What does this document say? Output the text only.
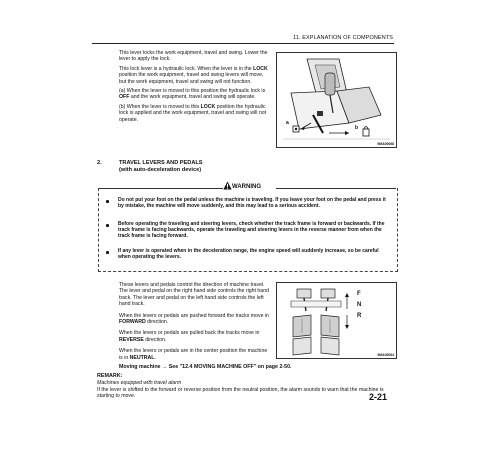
11. EXPLANATION OF COMPONENTS

This lever locks the work equipment, travel and swing. Lower the lever to apply the lock.

This lock lever is a hydraulic lock. When the lever is in the LOCK position the work equipment, travel and swing levers will move, but the work equipment, travel and swing will not function.

(a) When the lever is moved to this position the hydraulic lock is OFF and the work equipment, travel and swing will operate.

(b) When the lever is moved to this LOCK position the hydraulic lock is applied and the work equipment, travel and swing will not operate.

a
b
9MA00068
2.	TRAVEL LEVERS AND PEDALS
(with auto-deceleration device)
WARNING
Do not put your foot on the pedal unless the machine is traveling. If you leave your foot on the pedal and press it by mistake, the machine will move suddenly, and this may lead to a serious accident.
Before operating the traveling and steering levers, check whether the track frame is forward or backwards. If the track frame is facing backwards, operate the traveling and steering levers in the reverse manner from when the track frame is facing forward.
If any lever is operated when in the deceleration range, the engine speed will suddenly increase, so be careful when operating the levers.

These levers and pedals control the direction of machine travel. The lever and pedal on the right hand side controls the right hand track. The lever and pedal on the left hand side controls the left hand track.

When the levers or pedals are pushed forward the tracks move in FORWARD direction.

When the levers or pedals are pulled back the tracks move in REVERSE direction.

When the levers or pedals are in the center position the machine is in NEUTRAL.

F
N
R
9MA00064
Moving machine → See "12.4 MOVING MACHINE OFF" on page 2-50.
REMARK:
Machines equipped with travel alarm
If the lever is shifted to the forward or reverse position from the neutral position, the alarm sounds to warn that the machine is starting to move.	2-21
